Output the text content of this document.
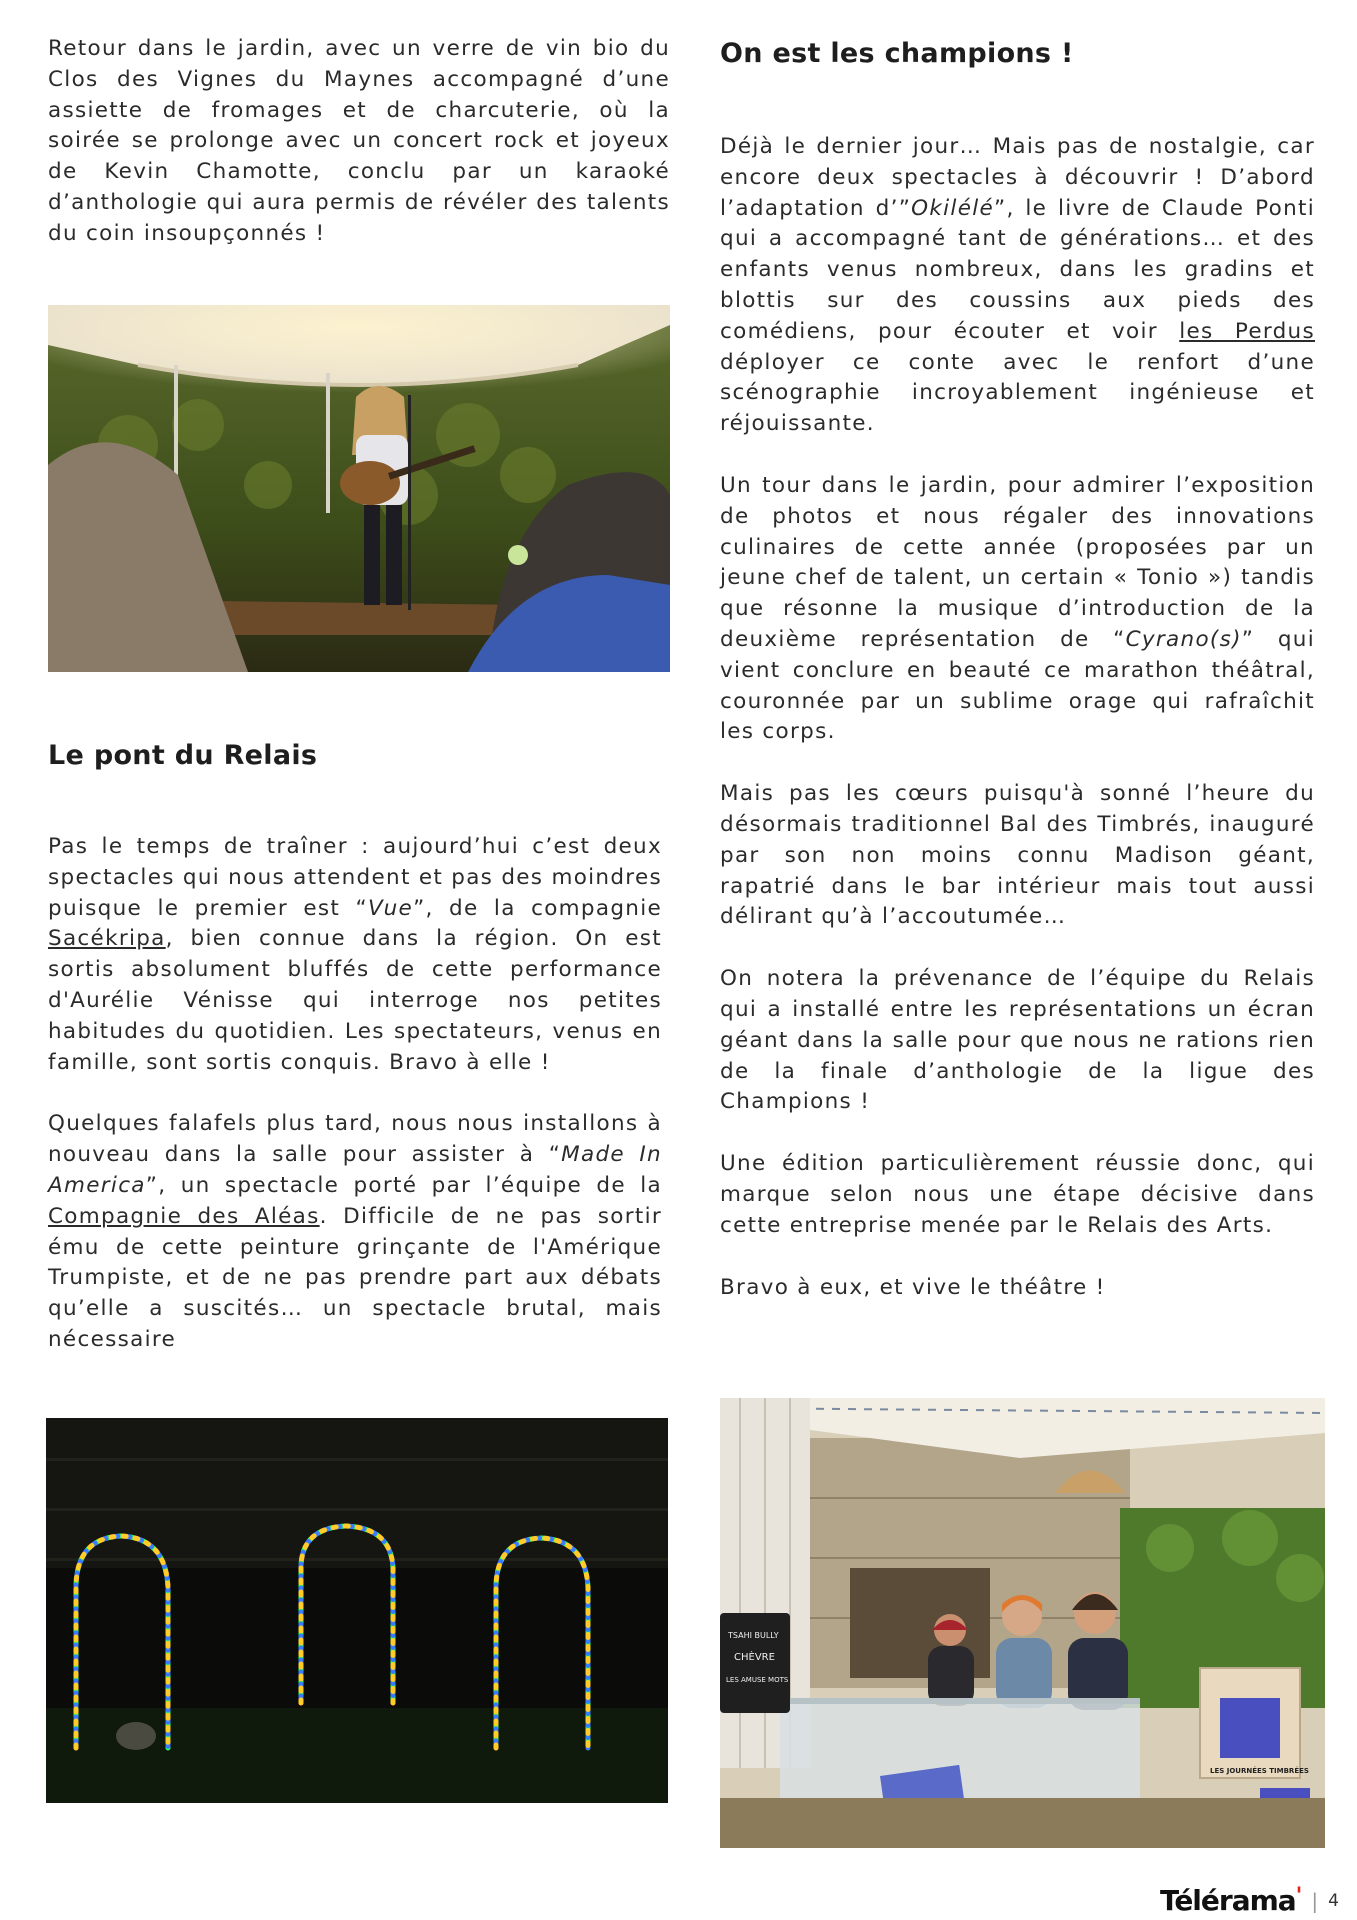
Retour dans le jardin, avec un verre de vin bio du Clos des Vignes du Maynes accompagné d’une assiette de fromages et de charcuterie, où la soirée se prolonge avec un concert rock et joyeux de Kevin Chamotte, conclu par un karaoké d’anthologie qui aura permis de révéler des talents du coin insoupçonnés !

Le pont du Relais

Pas le temps de traîner : aujourd’hui c’est deux spectacles qui nous attendent et pas des moindres puisque le premier est “Vue”, de la compagnie Sacékripa, bien connue dans la région. On est sortis absolument bluffés de cette performance d'Aurélie Vénisse qui interroge nos petites habitudes du quotidien. Les spectateurs, venus en famille, sont sortis conquis. Bravo à elle !

Quelques falafels plus tard, nous nous installons à nouveau dans la salle pour assister à “Made In America”, un spectacle porté par l’équipe de la Compagnie des Aléas. Difficile de ne pas sortir ému de cette peinture grinçante de l'Amérique Trumpiste, et de ne pas prendre part aux débats qu’elle a suscités… un spectacle brutal, mais nécessaire

On est les champions !

Déjà le dernier jour… Mais pas de nostalgie, car encore deux spectacles à découvrir ! D’abord l’adaptation d’”Okilélé”, le livre de Claude Ponti qui a accompagné tant de générations… et des enfants venus nombreux, dans les gradins et blottis sur des coussins aux pieds des comédiens, pour écouter et voir les Perdus déployer ce conte avec le renfort d’une scénographie incroyablement ingénieuse et réjouissante.

Un tour dans le jardin, pour admirer l’exposition de photos et nous régaler des innovations culinaires de cette année (proposées par un jeune chef de talent, un certain « Tonio ») tandis que résonne la musique d’introduction de la deuxième représentation de “Cyrano(s)” qui vient conclure en beauté ce marathon théâtral, couronnée par un sublime orage qui rafraîchit les corps.

Mais pas les cœurs puisqu'à sonné l’heure du désormais traditionnel Bal des Timbrés, inauguré par son non moins connu Madison géant, rapatrié dans le bar intérieur mais tout aussi délirant qu’à l’accoutumée…

On notera la prévenance de l’équipe du Relais qui a installé entre les représentations un écran géant dans la salle pour que nous ne rations rien de la finale d’anthologie de la ligue des Champions !

Une édition particulièrement réussie donc, qui marque selon nous une étape décisive dans cette entreprise menée par le Relais des Arts.

Bravo à eux, et vive le théâtre !

TSAHI BULLY
CHÈVRE
LES AMUSE MOTS
LES JOURNÉES TIMBRÉES
Télérama' | 4
